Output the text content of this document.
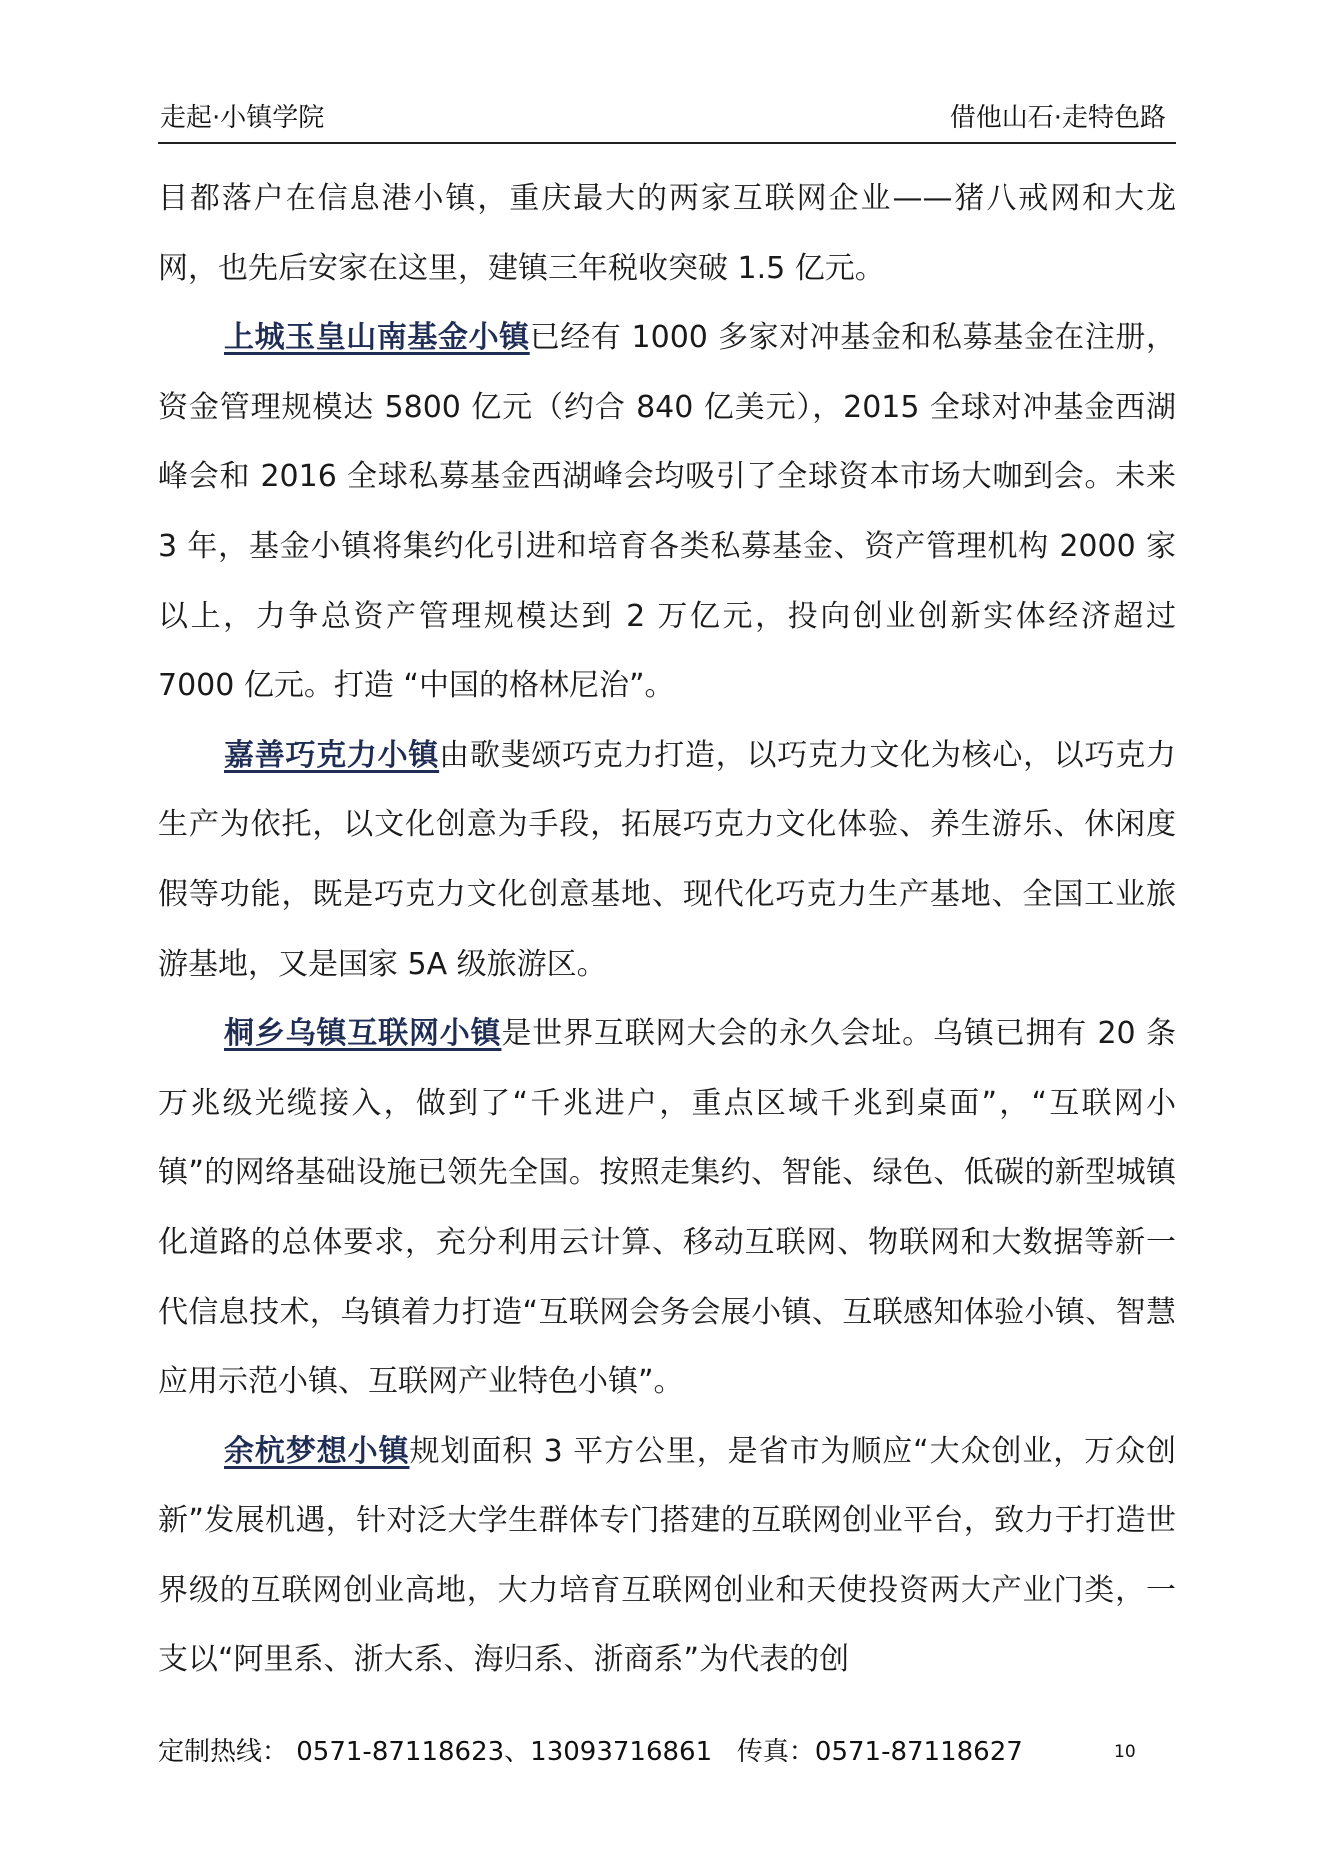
走起·小镇学院	借他山石·走特色路

目都落户在信息港小镇，重庆最大的两家互联网企业——猪八戒网和大龙网，也先后安家在这里，建镇三年税收突破 1.5 亿元。

上城玉皇山南基金小镇已经有 1000 多家对冲基金和私募基金在注册，资金管理规模达 5800 亿元（约合 840 亿美元），2015 全球对冲基金西湖峰会和 2016 全球私募基金西湖峰会均吸引了全球资本市场大咖到会。未来 3 年，基金小镇将集约化引进和培育各类私募基金、资产管理机构 2000 家以上，力争总资产管理规模达到 2 万亿元，投向创业创新实体经济超过 7000 亿元。打造 “中国的格林尼治”。

嘉善巧克力小镇由歌斐颂巧克力打造，以巧克力文化为核心，以巧克力生产为依托，以文化创意为手段，拓展巧克力文化体验、养生游乐、休闲度假等功能，既是巧克力文化创意基地、现代化巧克力生产基地、全国工业旅游基地，又是国家 5A 级旅游区。

桐乡乌镇互联网小镇是世界互联网大会的永久会址。乌镇已拥有 20 条万兆级光缆接入，做到了“千兆进户，重点区域千兆到桌面”，“互联网小镇”的网络基础设施已领先全国。按照走集约、智能、绿色、低碳的新型城镇化道路的总体要求，充分利用云计算、移动互联网、物联网和大数据等新一代信息技术，乌镇着力打造“互联网会务会展小镇、互联感知体验小镇、智慧应用示范小镇、互联网产业特色小镇”。

余杭梦想小镇规划面积 3 平方公里，是省市为顺应“大众创业，万众创新”发展机遇，针对泛大学生群体专门搭建的互联网创业平台，致力于打造世界级的互联网创业高地，大力培育互联网创业和天使投资两大产业门类，一支以“阿里系、浙大系、海归系、浙商系”为代表的创

定制热线： 0571-87118623、13093716861   传真：0571-87118627	10
